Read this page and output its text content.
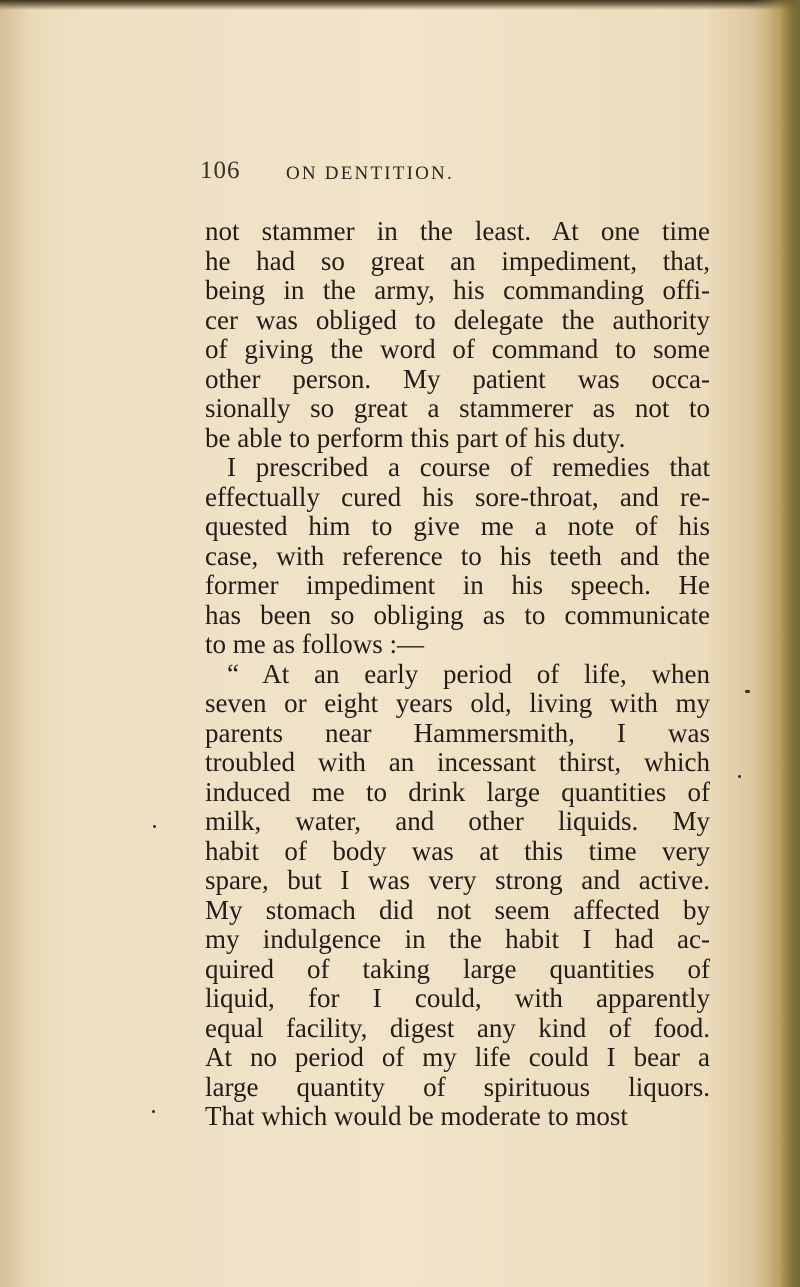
106 ON DENTITION.
not stammer in the least. At one time
he had so great an impediment, that,
being in the army, his commanding offi-
cer was obliged to delegate the authority
of giving the word of command to some
other person. My patient was occa-
sionally so great a stammerer as not to
be able to perform this part of his duty.
I prescribed a course of remedies that
effectually cured his sore-throat, and re-
quested him to give me a note of his
case, with reference to his teeth and the
former impediment in his speech. He
has been so obliging as to communicate
to me as follows :—
“ At an early period of life, when
seven or eight years old, living with my
parents near Hammersmith, I was
troubled with an incessant thirst, which
induced me to drink large quantities of
milk, water, and other liquids. My
habit of body was at this time very
spare, but I was very strong and active.
My stomach did not seem affected by
my indulgence in the habit I had ac-
quired of taking large quantities of
liquid, for I could, with apparently
equal facility, digest any kind of food.
At no period of my life could I bear a
large quantity of spirituous liquors.
That which would be moderate to most
